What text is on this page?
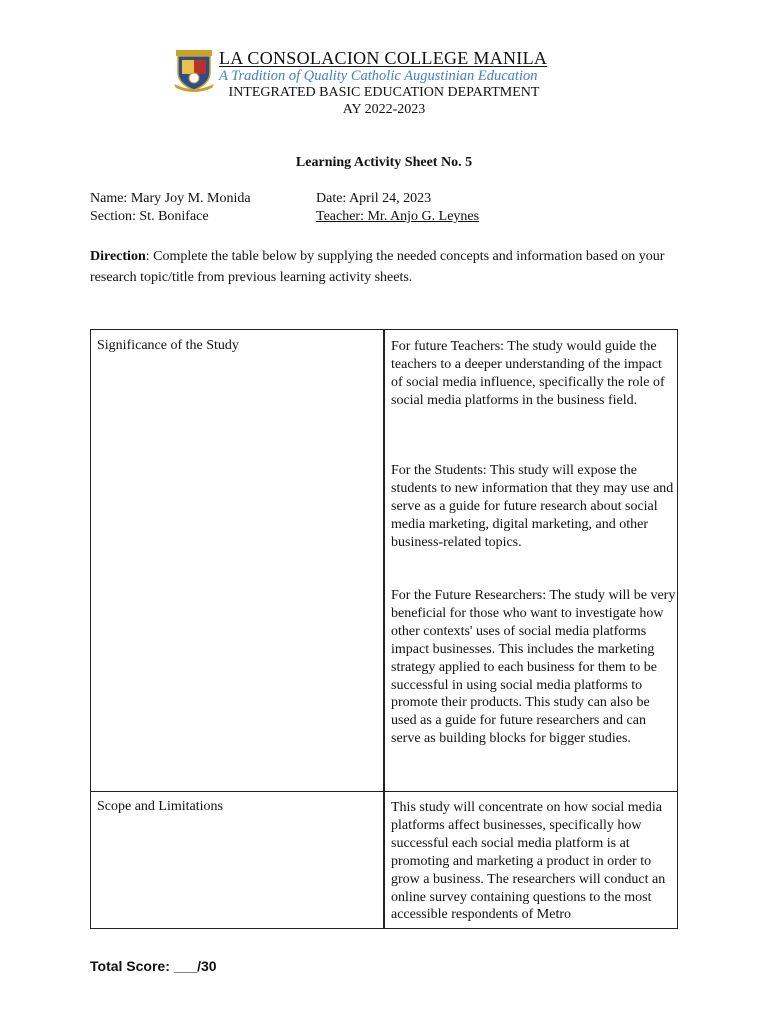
LA CONSOLACION COLLEGE MANILA
A Tradition of Quality Catholic Augustinian Education
INTEGRATED BASIC EDUCATION DEPARTMENT
AY 2022-2023
Learning Activity Sheet No. 5
Name: Mary Joy M. Monida
Section: St. Boniface
Date: April 24, 2023
Teacher: Mr. Anjo G. Leynes
Direction: Complete the table below by supplying the needed concepts and information based on your research topic/title from previous learning activity sheets.
Significance of the Study	For future Teachers: The study would guide the teachers to a deeper understanding of the impact of social media influence, specifically the role of social media platforms in the business field.
For the Students: This study will expose the students to new information that they may use and serve as a guide for future research about social media marketing, digital marketing, and other business-related topics.
For the Future Researchers: The study will be very beneficial for those who want to investigate how other contexts' uses of social media platforms impact businesses. This includes the marketing strategy applied to each business for them to be successful in using social media platforms to promote their products. This study can also be used as a guide for future researchers and can serve as building blocks for bigger studies.
Scope and Limitations	This study will concentrate on how social media platforms affect businesses, specifically how successful each social media platform is at promoting and marketing a product in order to grow a business. The researchers will conduct an online survey containing questions to the most accessible respondents of Metro
Total Score: ___/30
